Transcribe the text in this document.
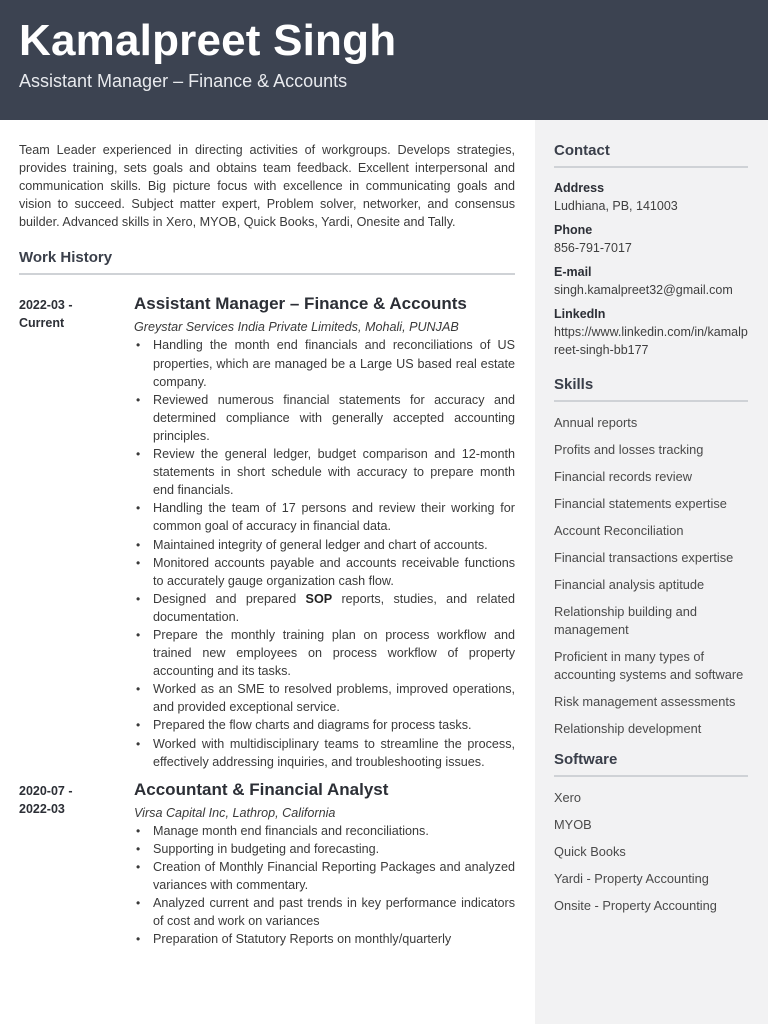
Kamalpreet Singh
Assistant Manager – Finance & Accounts

Team Leader experienced in directing activities of workgroups. Develops strategies, provides training, sets goals and obtains team feedback. Excellent interpersonal and communication skills. Big picture focus with excellence in communicating goals and vision to succeed. Subject matter expert, Problem solver, networker, and consensus builder. Advanced skills in Xero, MYOB, Quick Books, Yardi, Onesite and Tally.

Work History
2022-03 -
Current
Assistant Manager – Finance & Accounts
Greystar Services India Private Limiteds, Mohali, PUNJAB
• Handling the month end financials and reconciliations of US properties, which are managed be a Large US based real estate company.
• Reviewed numerous financial statements for accuracy and determined compliance with generally accepted accounting principles.
• Review the general ledger, budget comparison and 12-month statements in short schedule with accuracy to prepare month end financials.
• Handling the team of 17 persons and review their working for common goal of accuracy in financial data.
• Maintained integrity of general ledger and chart of accounts.
• Monitored accounts payable and accounts receivable functions to accurately gauge organization cash flow.
• Designed and prepared SOP reports, studies, and related documentation.
• Prepare the monthly training plan on process workflow and trained new employees on process workflow of property accounting and its tasks.
• Worked as an SME to resolved problems, improved operations, and provided exceptional service.
• Prepared the flow charts and diagrams for process tasks.
• Worked with multidisciplinary teams to streamline the process, effectively addressing inquiries, and troubleshooting issues.
2020-07 -
2022-03
Accountant & Financial Analyst
Virsa Capital Inc, Lathrop, California
• Manage month end financials and reconciliations.
• Supporting in budgeting and forecasting.
• Creation of Monthly Financial Reporting Packages and analyzed variances with commentary.
• Analyzed current and past trends in key performance indicators of cost and work on variances
• Preparation of Statutory Reports on monthly/quarterly
Contact
Address
Ludhiana, PB, 141003
Phone
856-791-7017
E-mail
singh.kamalpreet32@gmail.com
LinkedIn
https://www.linkedin.com/in/kamalpreet-singh-bb177
Skills
Annual reports
Profits and losses tracking
Financial records review
Financial statements expertise
Account Reconciliation
Financial transactions expertise
Financial analysis aptitude
Relationship building and management
Proficient in many types of accounting systems and software
Risk management assessments
Relationship development
Software
Xero
MYOB
Quick Books
Yardi - Property Accounting
Onsite - Property Accounting
